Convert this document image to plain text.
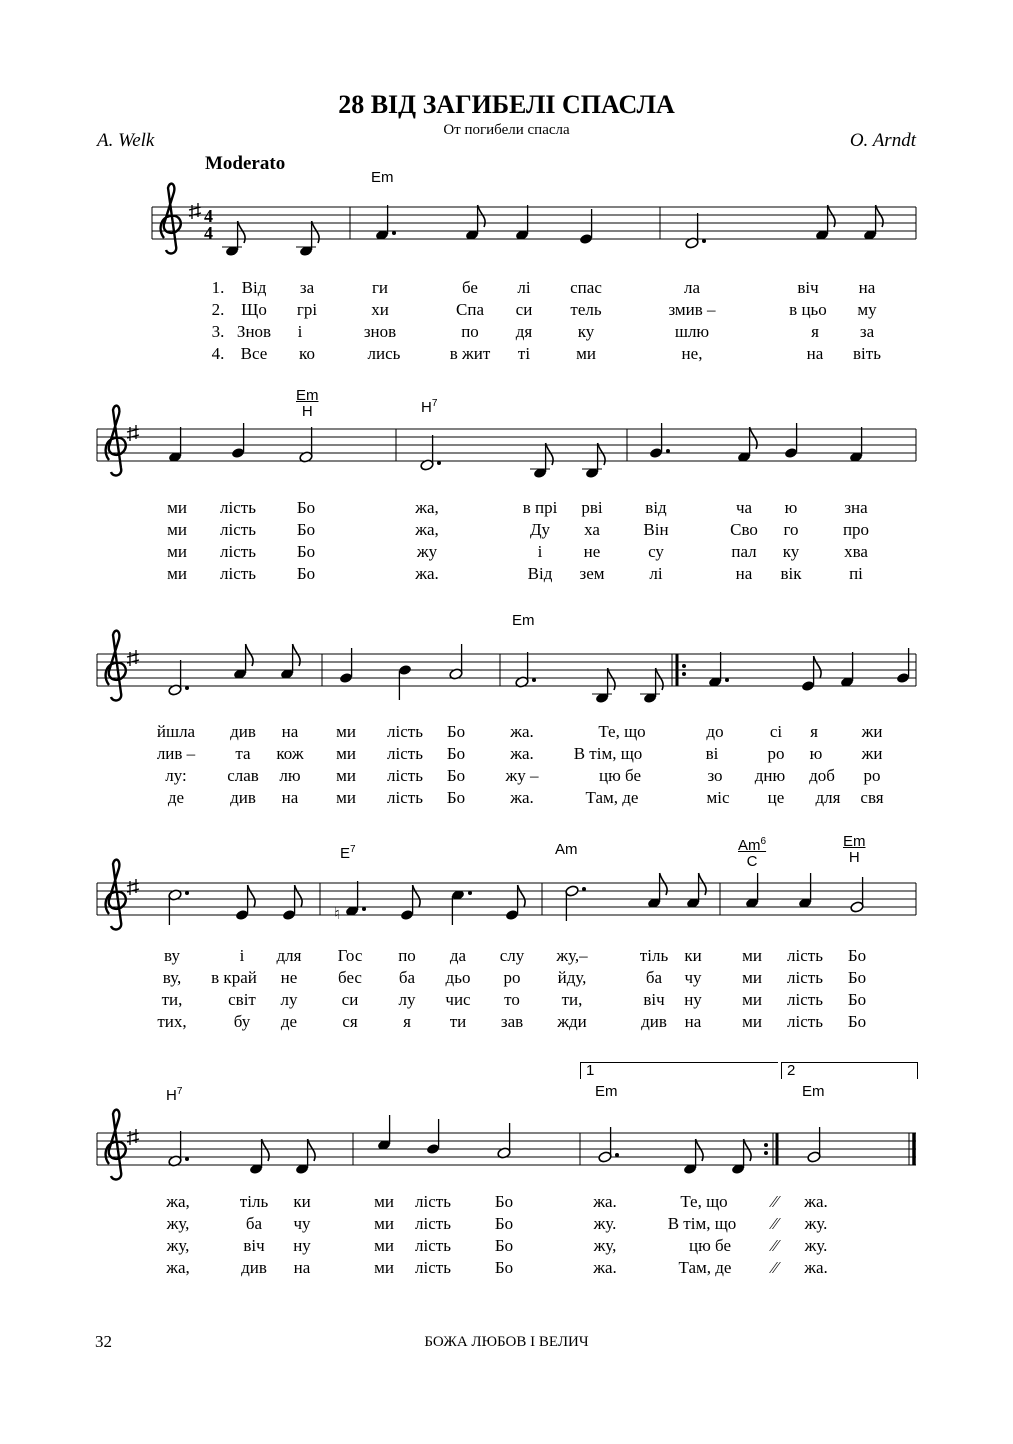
28 ВІД ЗАГИБЕЛІ СПАСЛА
От погибели спасла
A. Welk	O. Arndt
Moderato
Em
Em
H	$H^7$
Em
$E^7$	Am	Am$^6$
C
Em
H
$H^7$	Em	Em
1	2
4
4
♮
1. Від за	ги	бе лі спас	ла	віч на
2. Що грі	хи	Спа си тель	змив –	в цьо му
3. Знов і	знов	по дя	ку	шлю	я за
4. Все ко	лись	в жит ті	ми	не,	на віть
ми лість Бо	жа,	в прі рві	від	ча ю	зна
ми лість Бо	жа,	Ду ха	Він	Сво го	про
ми лість Бо	жу	і не	су	пал ку	хва
ми лість Бо	жа.	Від зем	лі	на вік	пі
йшла див на ми лість Бо	жа.	Те, що	до	сі я	жи
лив – та кож ми лість Бо	жа. В тім, що	ві	ро ю жи
лу: слав лю ми лість Бо жу –	цю бе	зо дню доб ро
де	див на ми лість Бо	жа.	Там, де	міс це для свя
ву	і для Гос по да слу жу,–	тіль ки ми лість Бо
ву, в край не бес ба дьо ро йду,	ба чу ми лість Бо
ти,	світ лу	си лу чис то ти,	віч ну ми лість Бо
тих,	бу де	ся	я ти зав жди	див на ми лість Бо
жа,	тіль ки	ми лість	Бо	жа.	Те, що	⁄⁄ жа.
жу,	ба чу	ми лість	Бо	жу.	В тім, що ⁄⁄ жу.
жу,	віч ну	ми лість	Бо	жу,	цю бе ⁄⁄ жу.
жа,	див на	ми лість	Бо	жа.	Там, де ⁄⁄ жа.
32	БОЖА ЛЮБОВ І ВЕЛИЧ
